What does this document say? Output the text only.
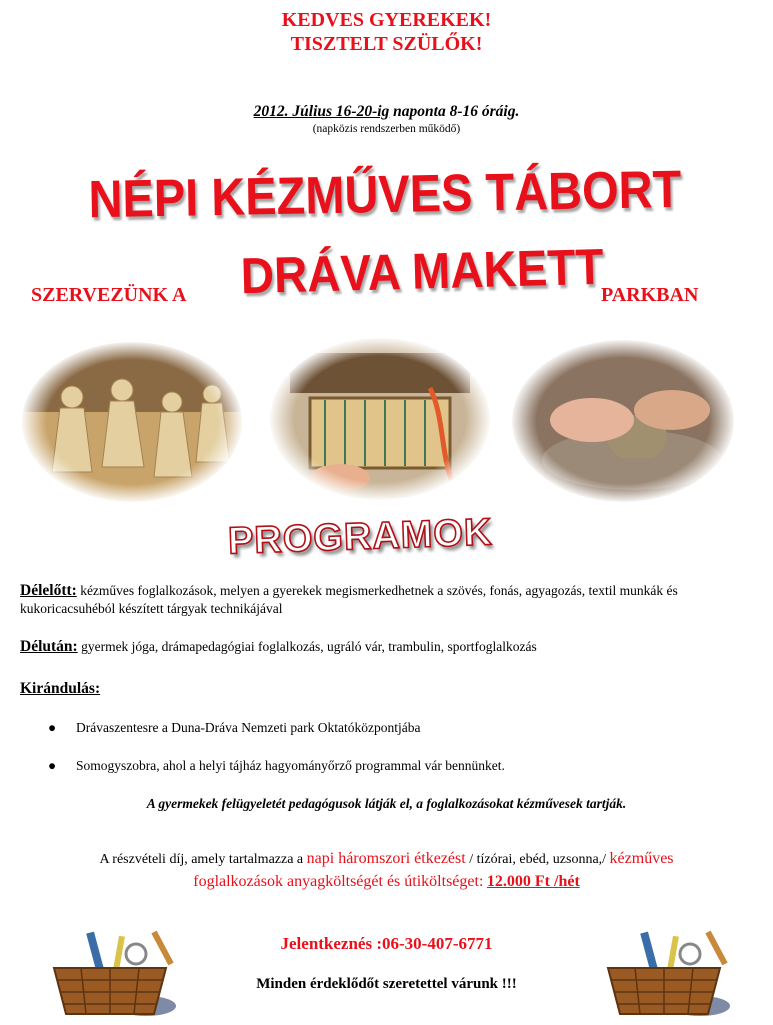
KEDVES GYEREKEK!
TISZTELT SZÜLŐK!
2012. Július 16-20-ig naponta 8-16 óráig.
(napközis rendszerben működő)
NÉPI KÉZMŰVES TÁBORT
SZERVEZÜNK A DRÁVA MAKETT
PARKBAN
PROGRAMOK
Délelőtt: kézműves foglalkozások, melyen a gyerekek megismerkedhetnek a szövés, fonás, agyagozás, textil munkák és kukoricacsuhéból készített tárgyak technikájával
Délután: gyermek jóga, drámapedagógiai foglalkozás, ugráló vár, trambulin, sportfoglalkozás
Kirándulás:
● Drávaszentesre a Duna-Dráva Nemzeti park Oktatóközpontjába
● Somogyszobra, ahol a helyi tájház hagyományőrző programmal vár bennünket.
A gyermekek felügyeletét pedagógusok látják el, a foglalkozásokat kézművesek tartják.
A részvételi díj, amely tartalmazza a napi háromszori étkezést / tízórai, ebéd, uzsonna,/ kézműves
foglalkozások anyagköltségét és útiköltséget: 12.000 Ft /hét
Jelentkeznés :06-30-407-6771
Minden érdeklődőt szeretettel várunk !!!
